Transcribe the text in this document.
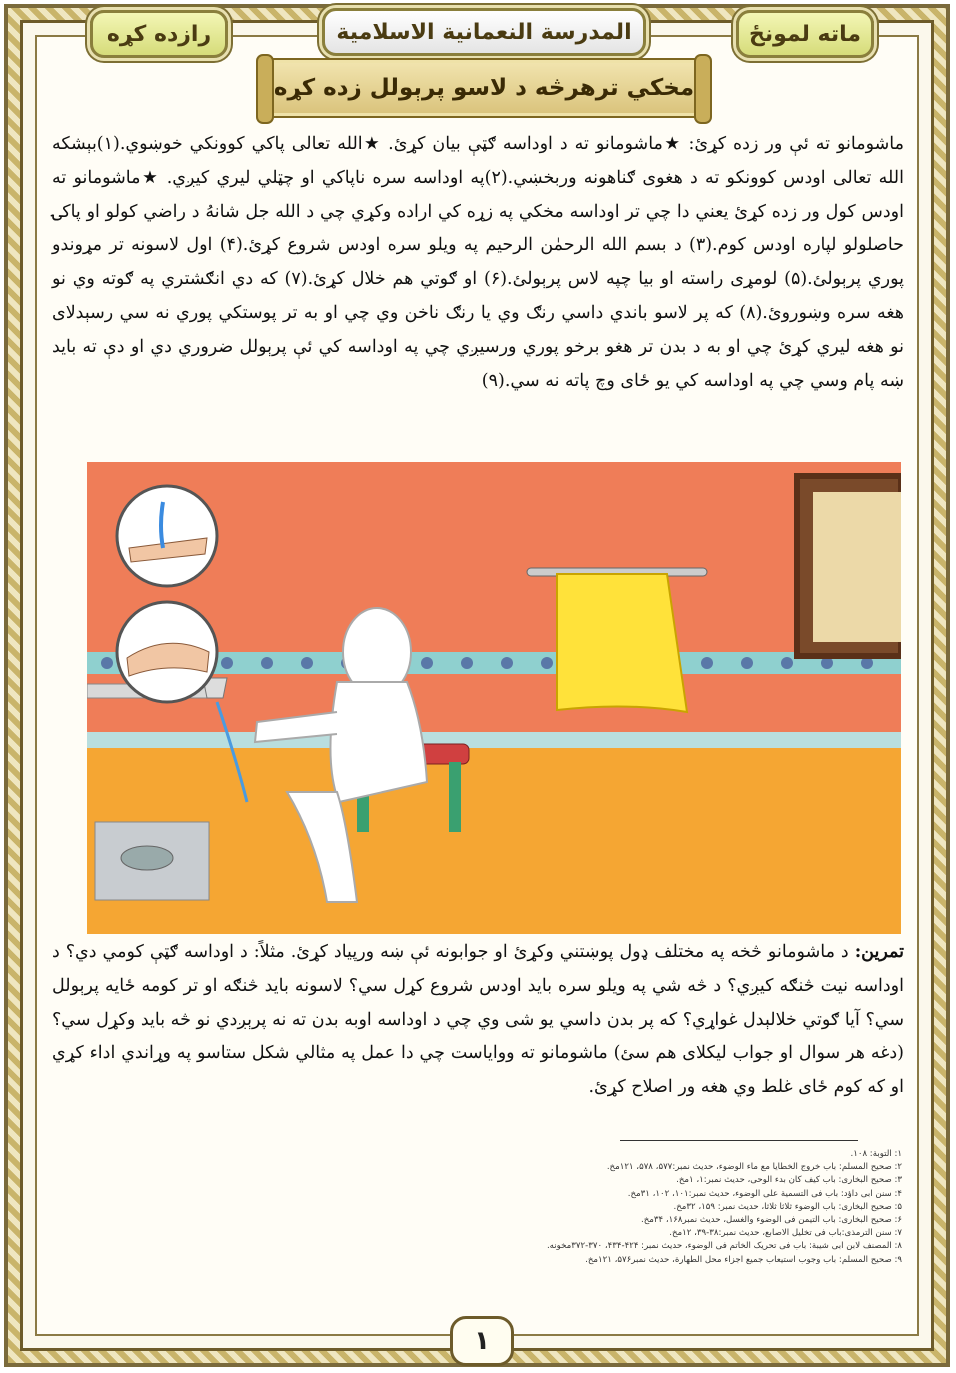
رازده کړه	المدرسة النعمانية الاسلامية	ماته لمونځ
مخکي ترهرڅه د لاسو پرېولل زده کړه
ماشومانو ته ئې ور زده کړئ: ★ماشومانو ته د اوداسه ګټې بيان کړئ. ★الله تعالی پاکي کوونکي خوښوي.(۱)بېشکه الله تعالی اودس کوونکو ته د هغوی ګناهونه وربخښي.(۲)په اوداسه سره ناپاکي او چټلي ليري کيږي. ★ماشومانو ته اودس کول ور زده کړئ يعني دا چي تر اوداسه مخکي په زړه کي اراده وکړي چي د الله جل شانهُ د راضي کولو او پاکۍ حاصلولو لپاره اودس کوم.(۳) د بسم الله الرحمٰن الرحيم په ويلو سره اودس شروع کړئ.(۴) اول لاسونه تر مړوندو پوري پرېولئ.(۵) لومړی راسته او بيا چپه لاس پرېولئ.(۶) او ګوتي هم خلال کړئ.(۷) که دي انګشتري په ګوته وي نو هغه سره وښوروئ.(۸) که پر لاسو باندي داسي رنګ وي يا رنګ ناخن وي چي او به تر پوستکي پوري نه سي رسېدلای نو هغه ليري کړئ چي او به د بدن تر هغو برخو پوري ورسيږي چي په اوداسه کي ئې پرېولل ضروري دي او دې ته بايد ښه پام وسي چي په اوداسه کي يو ځای وچ پاته نه سي.(۹)
تمرين: د ماشومانو څخه په مختلف ډول پوښتني وکړئ او جوابونه ئې ښه ورپياد کړئ. مثلاً: د اوداسه ګټې کومي دي؟ د اوداسه نيت څنګه کيږي؟ د څه شي په ويلو سره بايد اودس شروع کړل سي؟ لاسونه بايد څنګه او تر کومه ځايه پرېولل سي؟ آيا ګوتي خلالېدل غواړي؟ که پر بدن داسي يو شی وي چي د اوداسه اوبه بدن ته نه پرېږدي نو څه بايد وکړل سي؟ (دغه هر سوال او جواب ليکلای هم سئ) ماشومانو ته وواياست چي دا عمل په مثالي شکل ستاسو په وړاندي اداء کړي او که کوم ځای غلط وي هغه ور اصلاح کړئ.
۱: التوبة: ۱۰۸.
۲: صحیح المسلم: باب خروج الخطایا مع ماء الوضوء، حدیث نمبر:۵۷۷، ۵۷۸، ۱۲۱مخ.
۳: صحیح البخاری: باب کیف کان بدء الوحی، حدیث نمبر:۱، ۱مخ.
۴: سنن ابی داؤد: باب فی التسمیة علی الوضوء، حدیث نمبر:۱۰۱، ۱۰۲، ۳۱مخ.
۵: صحیح البخاری: باب الوضوء ثلاثا ثلاثا، حدیث نمبر: ۱۵۹، ۳۲مخ.
۶: صحیح البخاری: باب التیمن فی الوضوء والغسل، حدیث نمبر۱۶۸، ۳۴مخ.
۷: سنن الترمذی:باب فی تخلیل الاصابع، حدیث نمبر:۳۸-۳۹، ۱۲مخ.
۸: المصنف لابن ابی شیبة: باب فی تحریک الخاتم فی الوضوء، حدیث نمبر: ۴۲۴-۴۳۴، ۳۷۰-۳۷۲مخونه.
۹: صحیح المسلم: باب وجوب استیعاب جمیع اجزاء محل الطهارة، حدیث نمبر۵۷۶، ۱۲۱مخ.
۱
